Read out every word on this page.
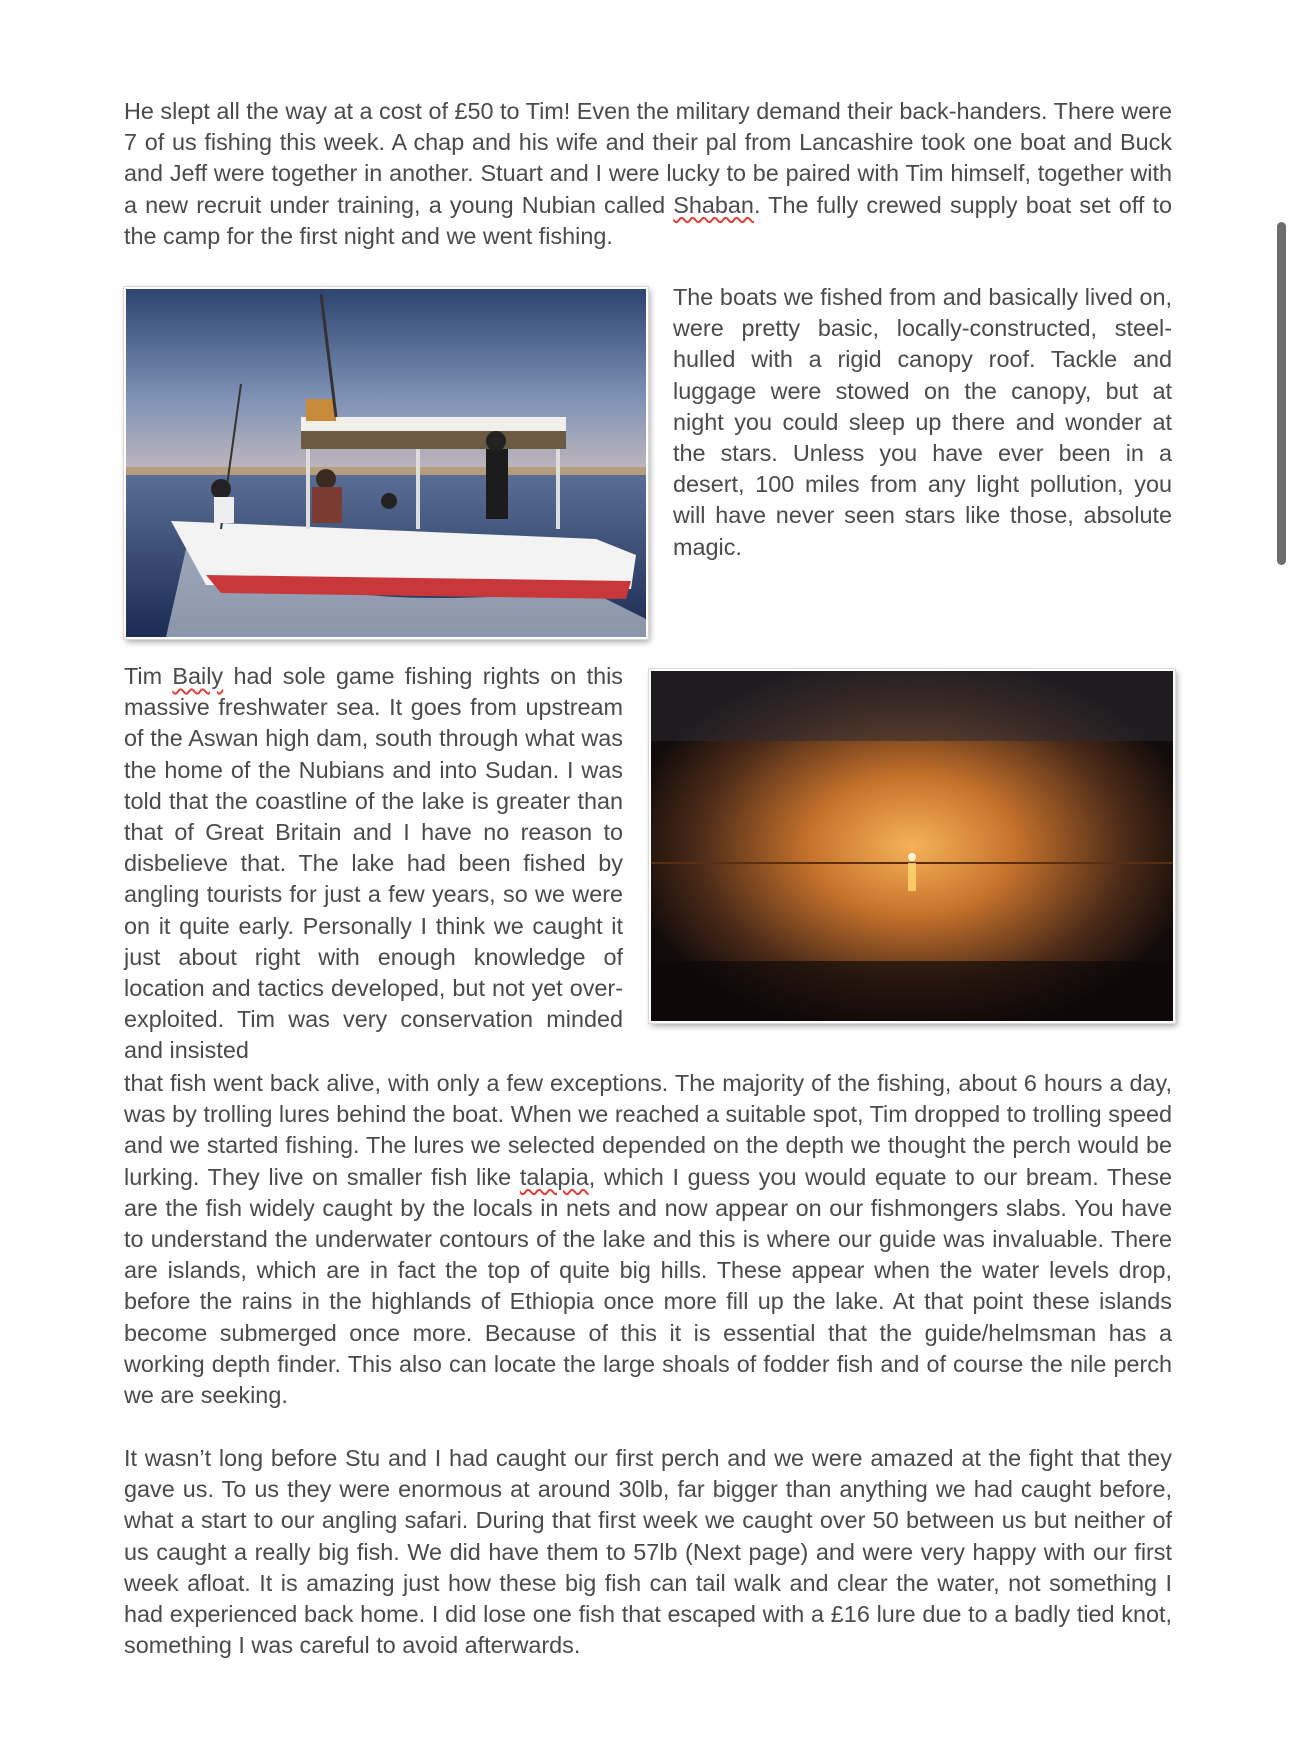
He slept all the way at a cost of £50 to Tim! Even the military demand their back-handers. There were 7 of us fishing this week. A chap and his wife and their pal from Lancashire took one boat and Buck and Jeff were together in another. Stuart and I were lucky to be paired with Tim himself, together with a new recruit under training, a young Nubian called Shaban. The fully crewed supply boat set off to the camp for the first night and we went fishing.

The boats we fished from and basically lived on, were pretty basic, locally-constructed, steel-hulled with a rigid canopy roof. Tackle and luggage were stowed on the canopy, but at night you could sleep up there and wonder at the stars. Unless you have ever been in a desert, 100 miles from any light pollution, you will have never seen stars like those, absolute magic.

Tim Baily had sole game fishing rights on this massive freshwater sea. It goes from upstream of the Aswan high dam, south through what was the home of the Nubians and into Sudan. I was told that the coastline of the lake is greater than that of Great Britain and I have no reason to disbelieve that. The lake had been fished by angling tourists for just a few years, so we were on it quite early. Personally I think we caught it just about right with enough knowledge of location and tactics developed, but not yet over-exploited. Tim was very conservation minded and insisted

that fish went back alive, with only a few exceptions. The majority of the fishing, about 6 hours a day, was by trolling lures behind the boat. When we reached a suitable spot, Tim dropped to trolling speed and we started fishing. The lures we selected depended on the depth we thought the perch would be lurking. They live on smaller fish like talapia, which I guess you would equate to our bream. These are the fish widely caught by the locals in nets and now appear on our fishmongers slabs. You have to understand the underwater contours of the lake and this is where our guide was invaluable. There are islands, which are in fact the top of quite big hills. These appear when the water levels drop, before the rains in the highlands of Ethiopia once more fill up the lake. At that point these islands become submerged once more. Because of this it is essential that the guide/helmsman has a working depth finder. This also can locate the large shoals of fodder fish and of course the nile perch we are seeking.

It wasn’t long before Stu and I had caught our first perch and we were amazed at the fight that they gave us. To us they were enormous at around 30lb, far bigger than anything we had caught before, what a start to our angling safari. During that first week we caught over 50 between us but neither of us caught a really big fish. We did have them to 57lb (Next page) and were very happy with our first week afloat. It is amazing just how these big fish can tail walk and clear the water, not something I had experienced back home. I did lose one fish that escaped with a £16 lure due to a badly tied knot, something I was careful to avoid afterwards.
